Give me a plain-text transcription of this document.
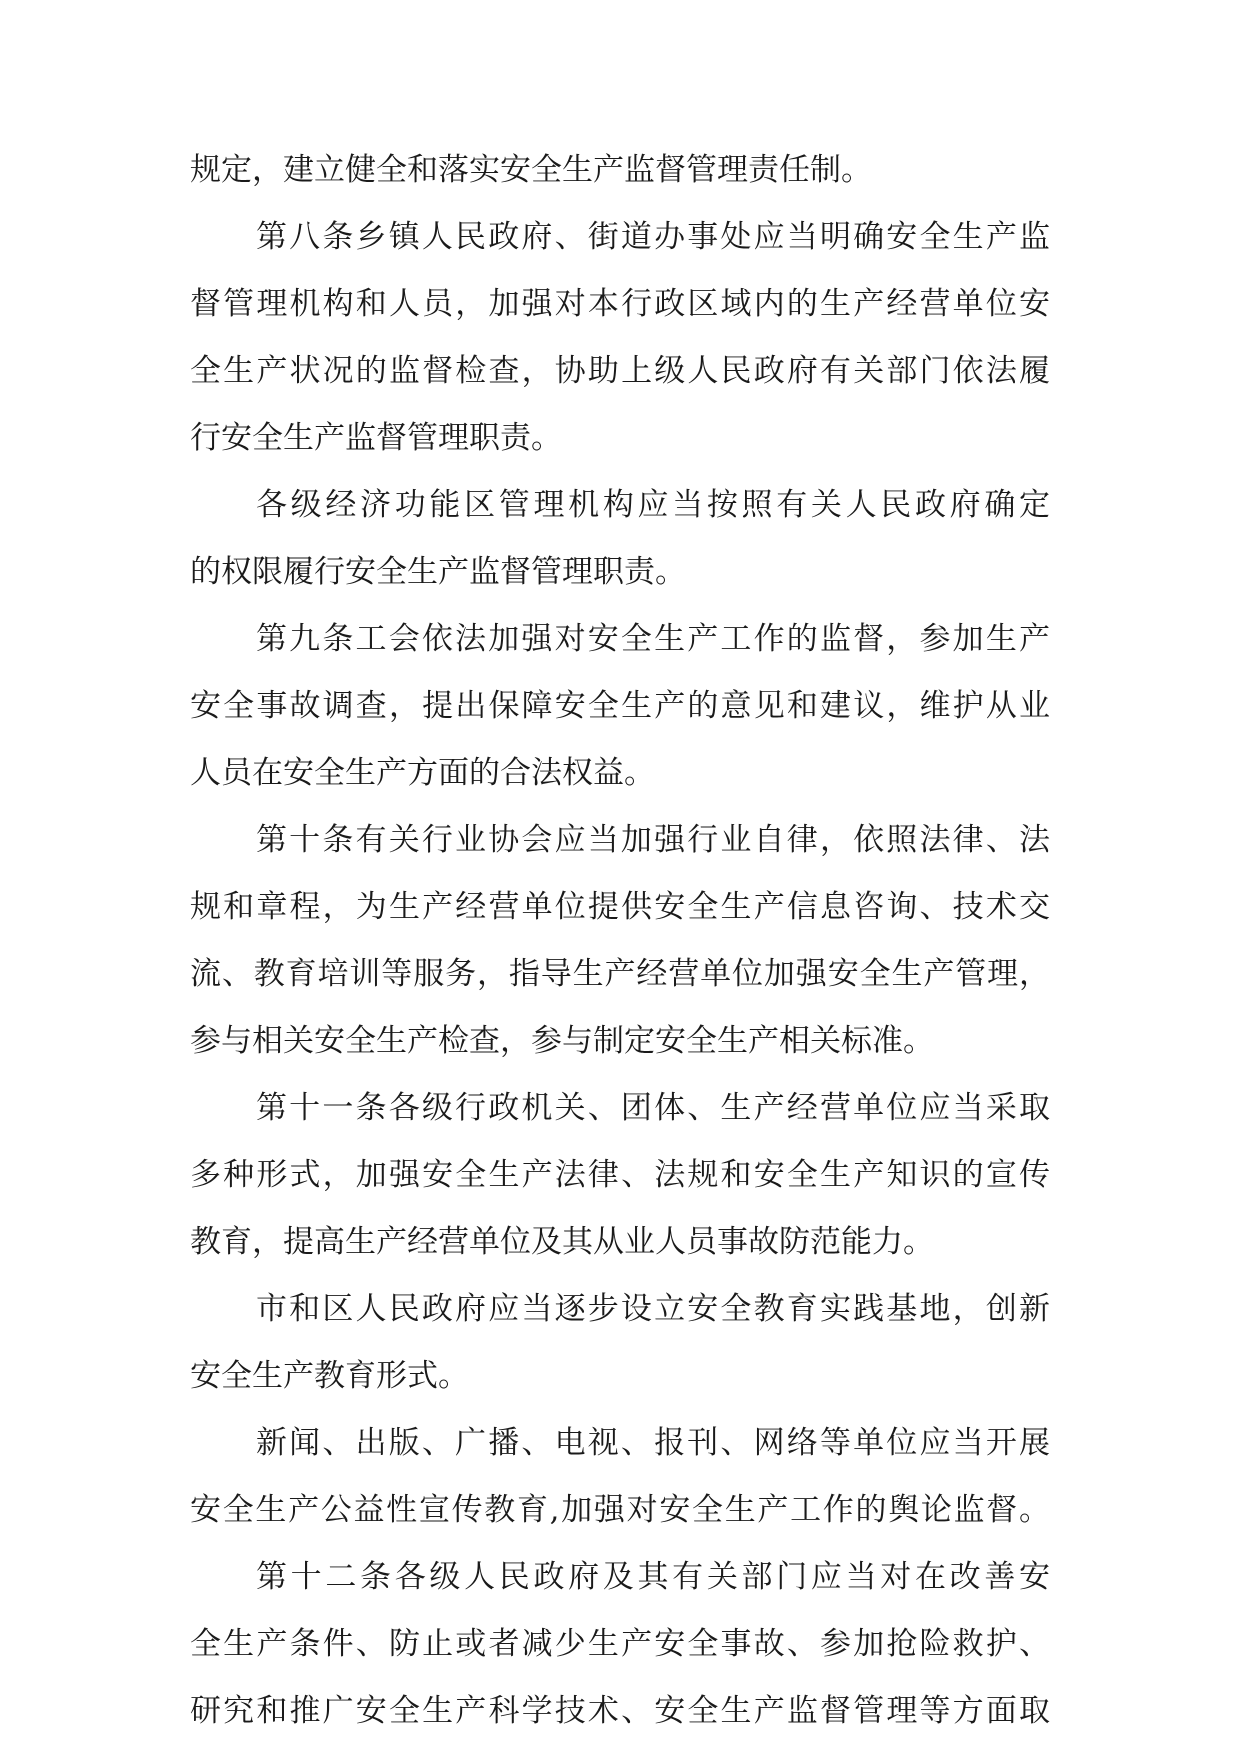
规定，建立健全和落实安全生产监督管理责任制。
第八条乡镇人民政府、街道办事处应当明确安全生产监
督管理机构和人员，加强对本行政区域内的生产经营单位安
全生产状况的监督检查，协助上级人民政府有关部门依法履
行安全生产监督管理职责。
各级经济功能区管理机构应当按照有关人民政府确定
的权限履行安全生产监督管理职责。
第九条工会依法加强对安全生产工作的监督，参加生产
安全事故调查，提出保障安全生产的意见和建议，维护从业
人员在安全生产方面的合法权益。
第十条有关行业协会应当加强行业自律，依照法律、法
规和章程，为生产经营单位提供安全生产信息咨询、技术交
流、教育培训等服务，指导生产经营单位加强安全生产管理，
参与相关安全生产检查，参与制定安全生产相关标准。
第十一条各级行政机关、团体、生产经营单位应当采取
多种形式，加强安全生产法律、法规和安全生产知识的宣传
教育，提高生产经营单位及其从业人员事故防范能力。
市和区人民政府应当逐步设立安全教育实践基地，创新
安全生产教育形式。
新闻、出版、广播、电视、报刊、网络等单位应当开展
安全生产公益性宣传教育,加强对安全生产工作的舆论监督。
第十二条各级人民政府及其有关部门应当对在改善安
全生产条件、防止或者减少生产安全事故、参加抢险救护、
研究和推广安全生产科学技术、安全生产监督管理等方面取
